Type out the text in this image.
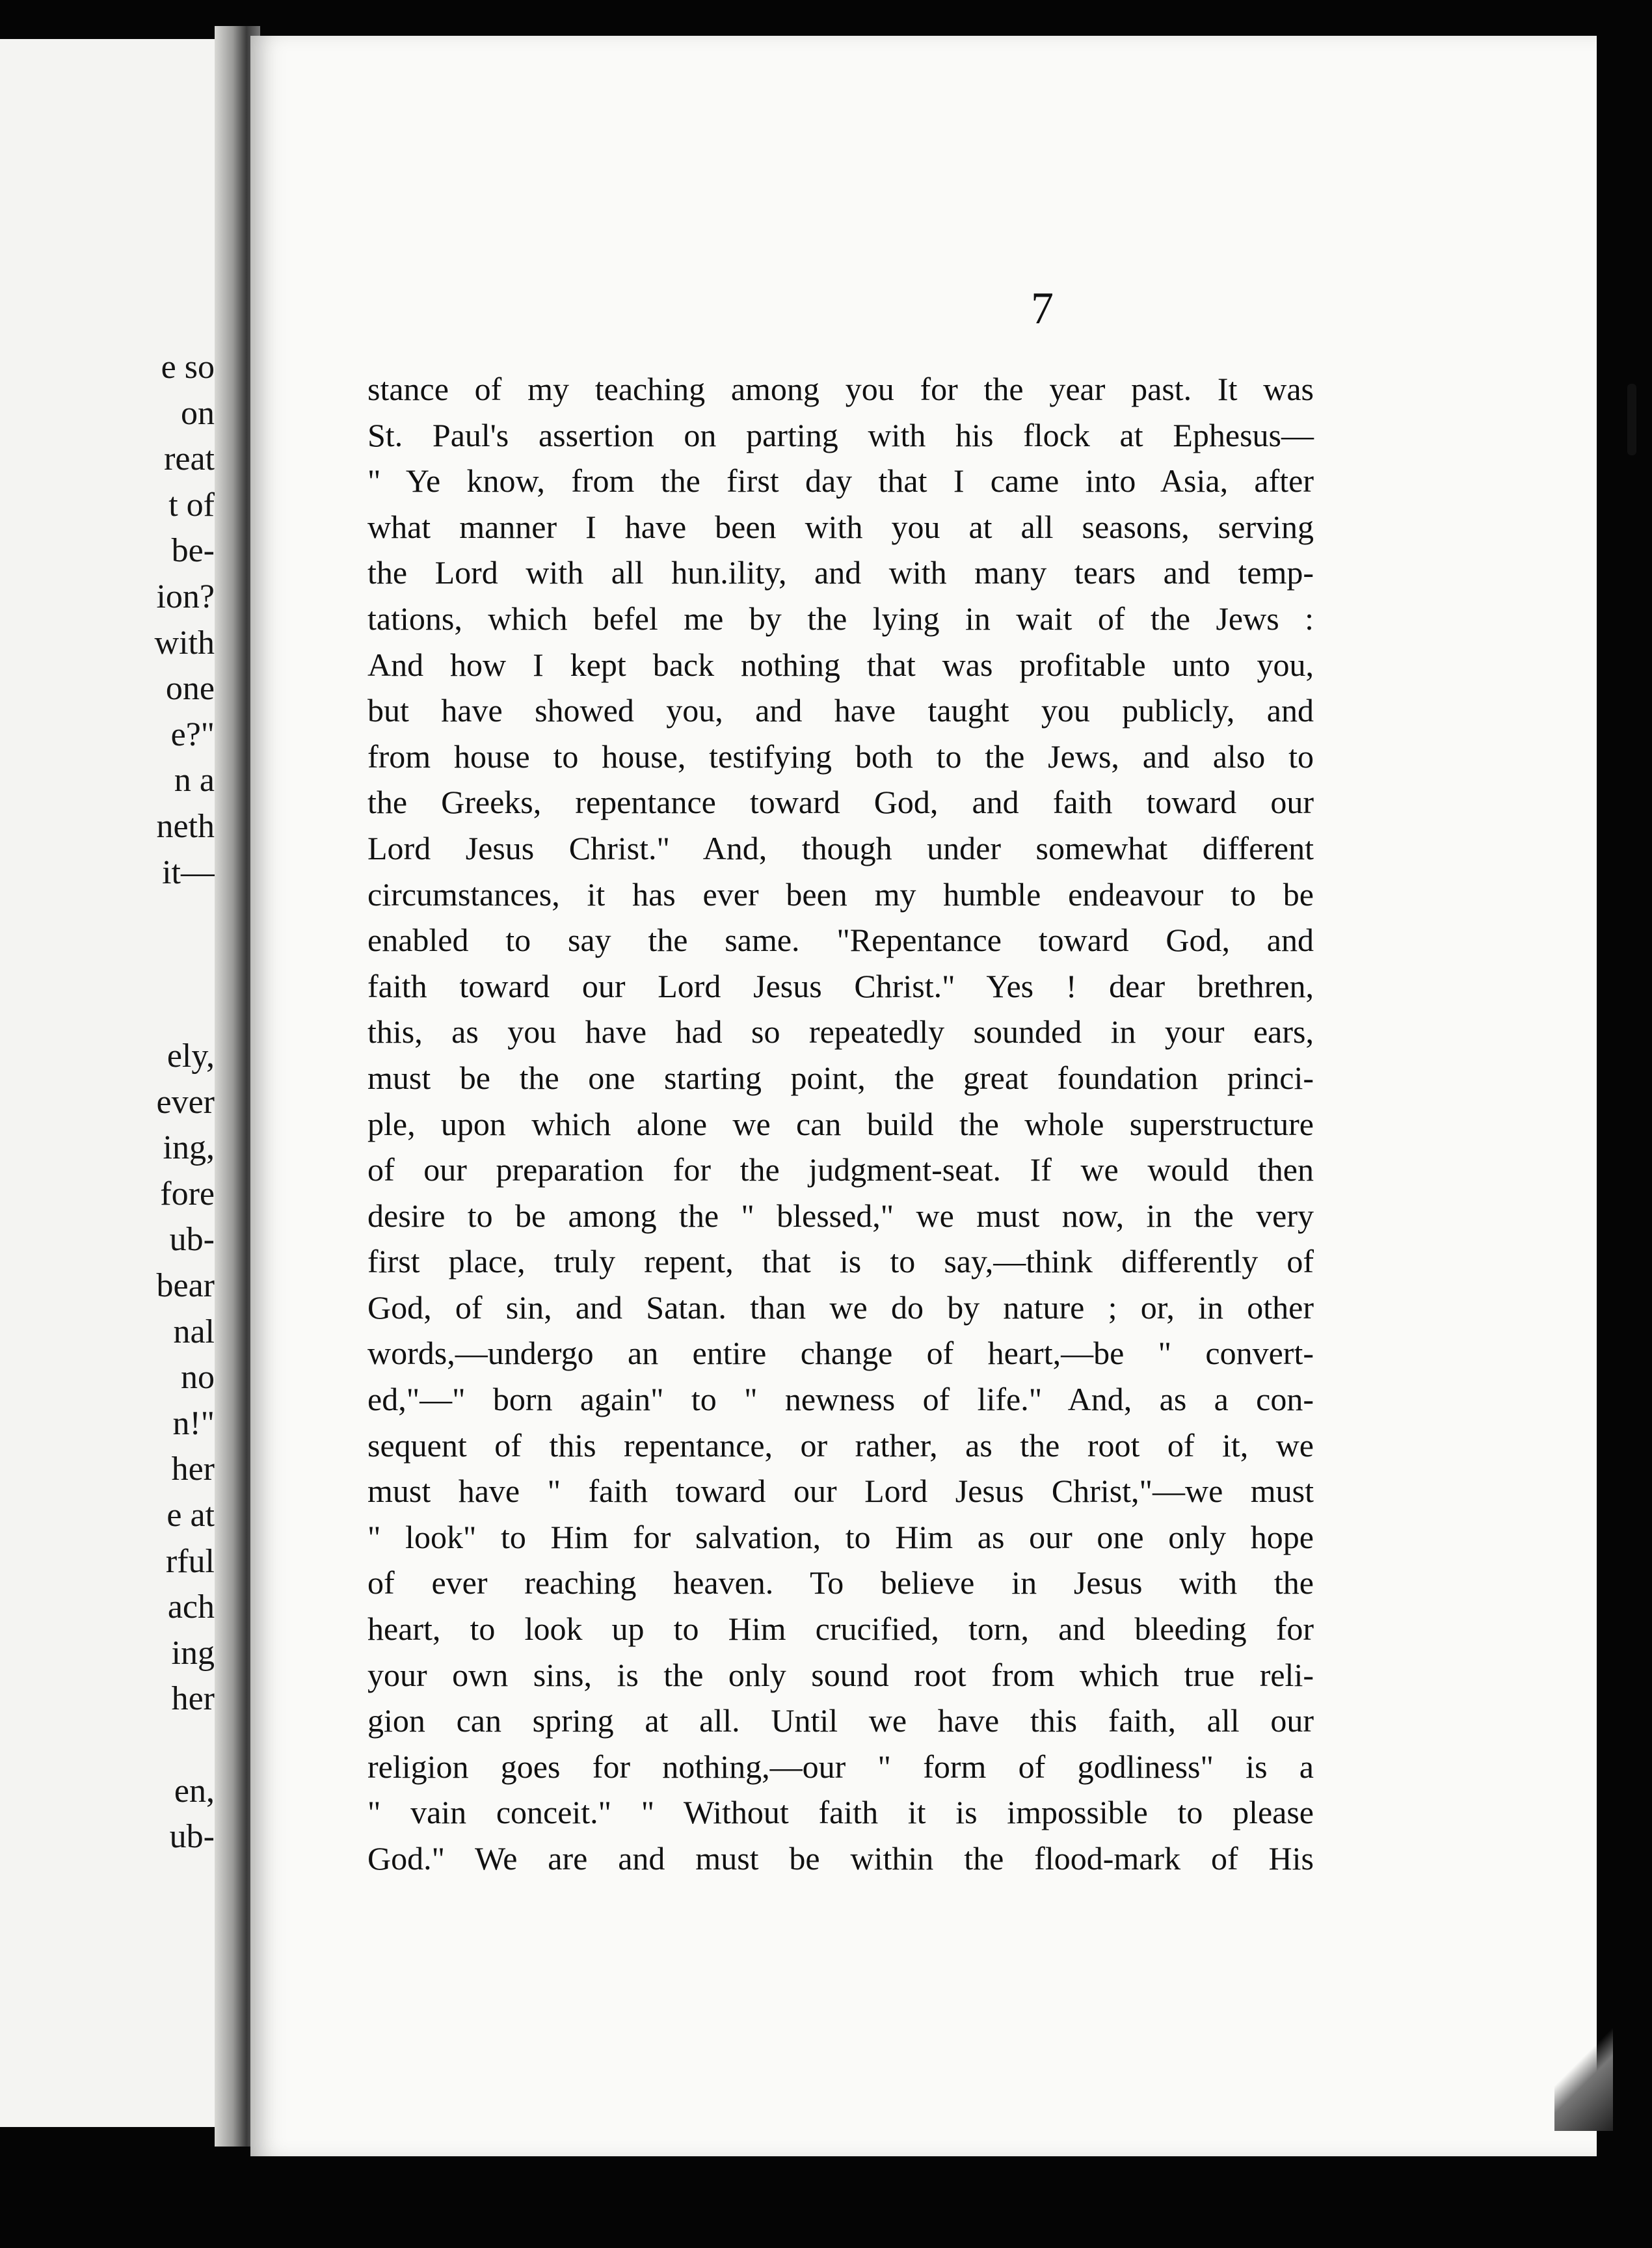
e so
on
reat
t of
be-
ion?
with
one
e?"
n a
neth
it—
ely,
ever
ing,
fore
ub-
bear
nal
no
n!"
her
e at
rful
ach
ing
her
en,
ub-
7
stance of my teaching among you for the year past. It was
St. Paul's assertion on parting with his flock at Ephesus—
" Ye know, from the first day that I came into Asia, after
what manner I have been with you at all seasons, serving
the Lord with all hun.ility, and with many tears and temp-
tations, which befel me by the lying in wait of the Jews :
And how I kept back nothing that was profitable unto you,
but have showed you, and have taught you publicly, and
from house to house, testifying both to the Jews, and also to
the Greeks, repentance toward God, and faith toward our
Lord Jesus Christ." And, though under somewhat different
circumstances, it has ever been my humble endeavour to be
enabled to say the same. "Repentance toward God, and
faith toward our Lord Jesus Christ." Yes ! dear brethren,
this, as you have had so repeatedly sounded in your ears,
must be the one starting point, the great foundation princi-
ple, upon which alone we can build the whole superstructure
of our preparation for the judgment-seat. If we would then
desire to be among the " blessed," we must now, in the very
first place, truly repent, that is to say,—think differently of
God, of sin, and Satan. than we do by nature ; or, in other
words,—undergo an entire change of heart,—be " convert-
ed,"—" born again" to " newness of life." And, as a con-
sequent of this repentance, or rather, as the root of it, we
must have " faith toward our Lord Jesus Christ,"—we must
" look" to Him for salvation, to Him as our one only hope
of ever reaching heaven. To believe in Jesus with the
heart, to look up to Him crucified, torn, and bleeding for
your own sins, is the only sound root from which true reli-
gion can spring at all. Until we have this faith, all our
religion goes for nothing,—our " form of godliness" is a
" vain conceit." " Without faith it is impossible to please
God." We are and must be within the flood-mark of His
